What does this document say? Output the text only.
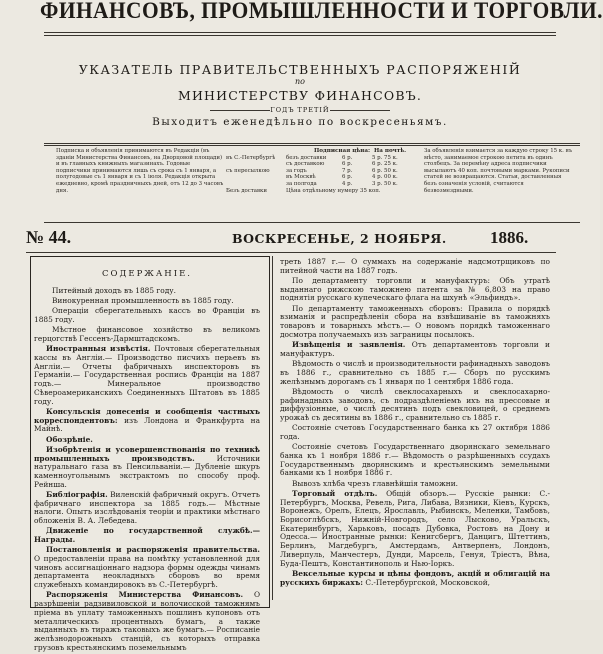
ФИНАНСОВЪ, ПРОМЫШЛЕННОСТИ И ТОРГОВЛИ.
УКАЗАТЕЛЬ ПРАВИТЕЛЬСТВЕННЫХЪ РАСПОРЯЖЕНІЙ
по
МИНИСТЕРСТВУ ФИНАНСОВЪ.
ГОДЪ ТРЕТІЙ
Выходитъ еженедѣльно по воскресеньямъ.
Подписка и объявленія принимаются въ Редакціи (въ зданіи Министерства Финансовъ, на Дворцовой площади) и въ главныхъ книжныхъ магазинахъ. Годовые подписчики принимаются лишь съ срока съ 1 января, а полугодовые съ 1 января и съ 1 іюля. Редакція открыта ежедневно, кромѣ праздничныхъ дней, отъ 12 до 3 часовъ дня.
Подписная цѣна: На почтѣ.
въ С.-Петербургѣ	безъ доставки	6 р.	5 р. 75 к.
съ доставкою	6 р.	6 р. 25 к.
съ пересылкою	за годъ	7 р.	6 р. 50 к.
въ Москвѣ	6 р.	4 р. 00 к.
за полгода	4 р.	3 р. 50 к.
Безъ доставки	Цѣна отдѣльному нумеру 35 коп.
За объявленія взимается за каждую строку 15 к. въ мѣсто, занимаемое строкою петита въ одинъ столбецъ. За перемѣну адреса подписчики высылаютъ 40 коп. почтовыми марками. Рукописи статей не возвращаются. Статьи, доставленныя безъ означенія условій, считаются безвозмездными.
№ 44.	ВОСКРЕСЕНЬЕ, 2 НОЯБРЯ.	1886.
СОДЕРЖАНІЕ.

Питейный доходъ въ 1885 году.

Винокуренная промышленность въ 1885 году.

Операціи сберегательныхъ кассъ во Франціи въ 1885 году.

Мѣстное финансовое хозяйство въ великомъ герцогствѣ Гессенъ-Дармштадскомъ.

Иностранныя извѣстія. Почтовыя сберегательныя кассы въ Англіи.— Производство писчихъ перьевъ въ Англіи.— Отчеты фабричныхъ инспекторовъ въ Германіи.— Государственная роспись Франціи на 1887 годъ.— Минеральное производство Сѣвероамериканскихъ Соединенныхъ Штатовъ въ 1885 году.

Консульскія донесенія и сообщенія частныхъ корреспондентовъ: изъ Лондона и Франкфурта на Майнѣ.

Обозрѣніе.

Изобрѣтенія и усовершенствованія по техникѣ промышленныхъ производствъ.	Источники натуральнаго газа въ Пенсильваніи.— Дубленіе шкуръ каменноугольнымъ экстрактомъ по способу проф. Рейнша.

Библіографія. Виленскій фабричный округъ. Отчетъ фабричнаго инспектора за 1885 годъ.— Мѣстные налоги. Опытъ изслѣдованія теоріи и практики мѣстнаго обложенія В. А. Лебедева.

Движеніе по государственной службѣ.— Награды.

Постановленія и распоряженія правительства. О предоставленіи права на помѣтку установленной для чиновъ ассигнаціоннаго надзора формы одежды чинамъ департамента неокладныхъ сборовъ во время служебныхъ командировокъ въ С.-Петербургѣ.

Распоряженія Министерства Финансовъ. О разрѣшеніи радзивиловской и волочисской таможнямъ пріема въ уплату таможенныхъ пошлинъ купоновъ отъ металлическихъ процентныхъ бумагъ, а также выданныхъ въ тиражъ таковыхъ же бумагъ.— Росписаніе желѣзнодорожныхъ станцій, съ которыхъ отправка грузовъ крестьянскимъ поземельнымъ

треть 1887 г.— О суммахъ на содержаніе надсмотрщиковъ по питейной части на 1887 годъ.

По департаменту торговли и мануфактуръ: Объ утратѣ выданнаго рижскою таможнею патента за № 6,803 на право поднятія русскаго купеческаго флага на шхунѣ «Эльфиндъ».

По департаменту таможенныхъ сборовъ: Правила о порядкѣ взиманія и распредѣленія сбора на взвѣшиваніе въ таможняхъ товаровъ и товарныхъ мѣстъ.— О новомъ порядкѣ таможеннаго досмотра получаемыхъ изъ заграницы посылокъ.

Извѣщенія и заявленія. Отъ департаментовъ торговли и мануфактуръ.

Вѣдомость о числѣ и производительности рафинадныхъ заводовъ въ 1886 г., сравнительно съ 1885 г.— Сборъ по русскимъ желѣзнымъ дорогамъ съ 1 января по 1 сентября 1886 года.

Вѣдомость о числѣ свеклосахарныхъ и свеклосахарно-рафинадныхъ заводовъ, съ подраздѣленіемъ ихъ на прессовые и диффузіонные, о числѣ десятинъ подъ свекловицей, о среднемъ урожаѣ съ десятины въ 1886 г., сравнительно съ 1885 г.

Состояніе счетовъ Государственнаго банка къ 27 октября 1886 года.

Состояніе счетовъ Государственнаго дворянскаго земельнаго банка къ 1 ноября 1886 г.— Вѣдомость о разрѣшенныхъ ссудахъ Государственнымъ дворянскимъ и крестьянскимъ земельными банками къ 1 ноября 1886 г.

Вывозъ хлѣба чрезъ главнѣйшія таможни.

Торговый отдѣлъ. Общій обзоръ.— Русскіе рынки: С.-Петербургъ, Москва, Ревель, Рига, Либава, Вязники, Кіевъ, Курскъ, Воронежъ, Орелъ, Елецъ, Ярославль, Рыбинскъ, Меленки, Тамбовъ, Борисоглѣбскъ, Нижній-Новгородъ, село Лысково, Уральскъ, Екатеринбургъ, Харьковъ, посадъ Дубовка, Ростовъ на Дону и Одесса.— Иностранные рынки: Кенигсбергъ, Данцигъ, Штеттинъ, Берлинъ, Магдебургъ, Амстердамъ, Антверпенъ, Лондонъ, Ливерпуль, Манчестеръ, Дунди, Марсель, Генуя, Тріестъ, Вѣна, Буда-Пештъ, Константинополь и Нью-Іоркъ.

Вексельные курсы и цѣны фондовъ, акцій и облигацій на русскихъ биржахъ: С.-Петербургской, Московской,
